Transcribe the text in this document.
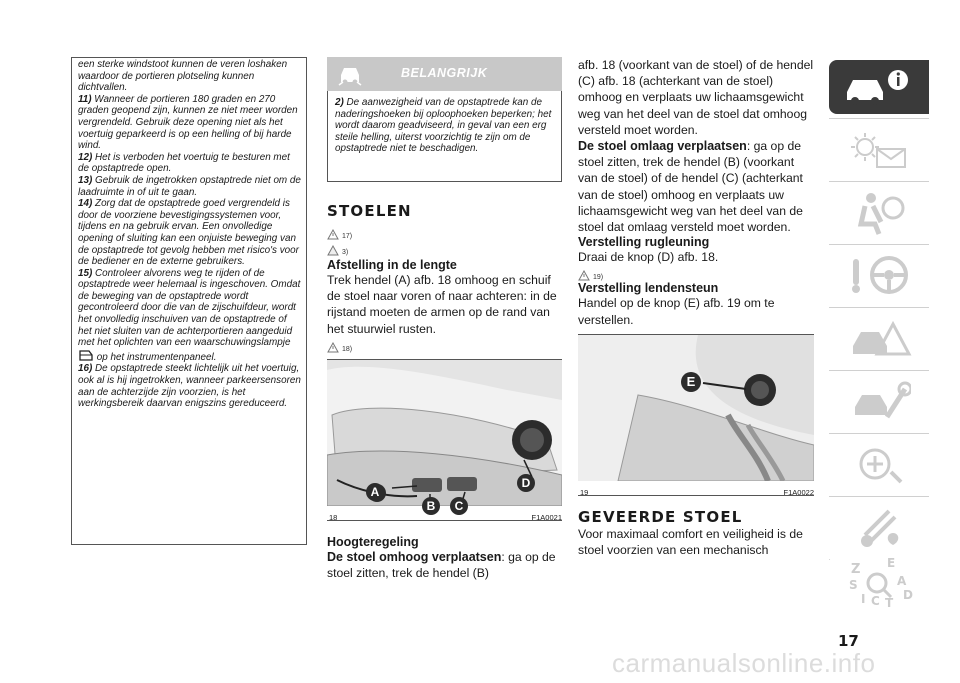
een sterke windstoot kunnen de veren loshaken waardoor de portieren plotseling kunnen dichtvallen.

11) Wanneer de portieren 180 graden en 270 graden geopend zijn, kunnen ze niet meer worden vergrendeld. Gebruik deze opening niet als het voertuig geparkeerd is op een helling of bij harde wind.

12) Het is verboden het voertuig te besturen met de opstaptrede open.

13) Gebruik de ingetrokken opstaptrede niet om de laadruimte in of uit te gaan.

14) Zorg dat de opstaptrede goed vergrendeld is door de voorziene bevestigingssystemen voor, tijdens en na gebruik ervan. Een onvolledige opening of sluiting kan een onjuiste beweging van de opstaptrede tot gevolg hebben met risico's voor de bediener en de externe gebruikers.

15) Controleer alvorens weg te rijden of de opstaptrede weer helemaal is ingeschoven. Omdat de beweging van de opstaptrede wordt gecontroleerd door die van de zijschuifdeur, wordt het onvolledig inschuiven van de opstaptrede of het niet sluiten van de achterportieren aangeduid met het oplichten van een waarschuwingslampje  op het instrumentenpaneel.

16) De opstaptrede steekt lichtelijk uit het voertuig, ook al is hij ingetrokken, wanneer parkeersensoren aan de achterzijde zijn voorzien, is het werkingsbereik daarvan enigszins gereduceerd.

BELANGRIJK
2) De aanwezigheid van de opstaptrede kan de naderingshoeken bij oploophoeken beperken; het wordt daarom geadviseerd, in geval van een erg steile helling, uiterst voorzichtig te zijn om de opstaptrede niet te beschadigen.
STOELEN
17)
3)
Afstelling in de lengte
Trek hendel (A) afb. 18 omhoog en schuif de stoel naar voren of naar achteren: in de rijstand moeten de armen op de rand van het stuurwiel rusten.
18)
A
B	C
D
18	F1A0021
Hoogteregeling
De stoel omhoog verplaatsen: ga op de stoel zitten, trek de hendel (B)
afb. 18 (voorkant van de stoel) of de hendel (C) afb. 18 (achterkant van de stoel) omhoog en verplaats uw lichaamsgewicht weg van het deel van de stoel dat omhoog versteld moet worden.
De stoel omlaag verplaatsen: ga op de stoel zitten, trek de hendel (B) (voorkant van de stoel) of de hendel (C) (achterkant van de stoel) omhoog en verplaats uw lichaamsgewicht weg van het deel van de stoel dat omlaag versteld moet worden.
Verstelling rugleuning
Draai de knop (D) afb. 18.
19)
Verstelling lendensteun
Handel op de knop (E) afb. 19 om te verstellen.
E
19	F1A0022
GEVEERDE STOEL
Voor maximaal comfort en veiligheid is de stoel voorzien van een mechanisch
Z E
A
S
I C T
D
17
carmanualsonline.info
